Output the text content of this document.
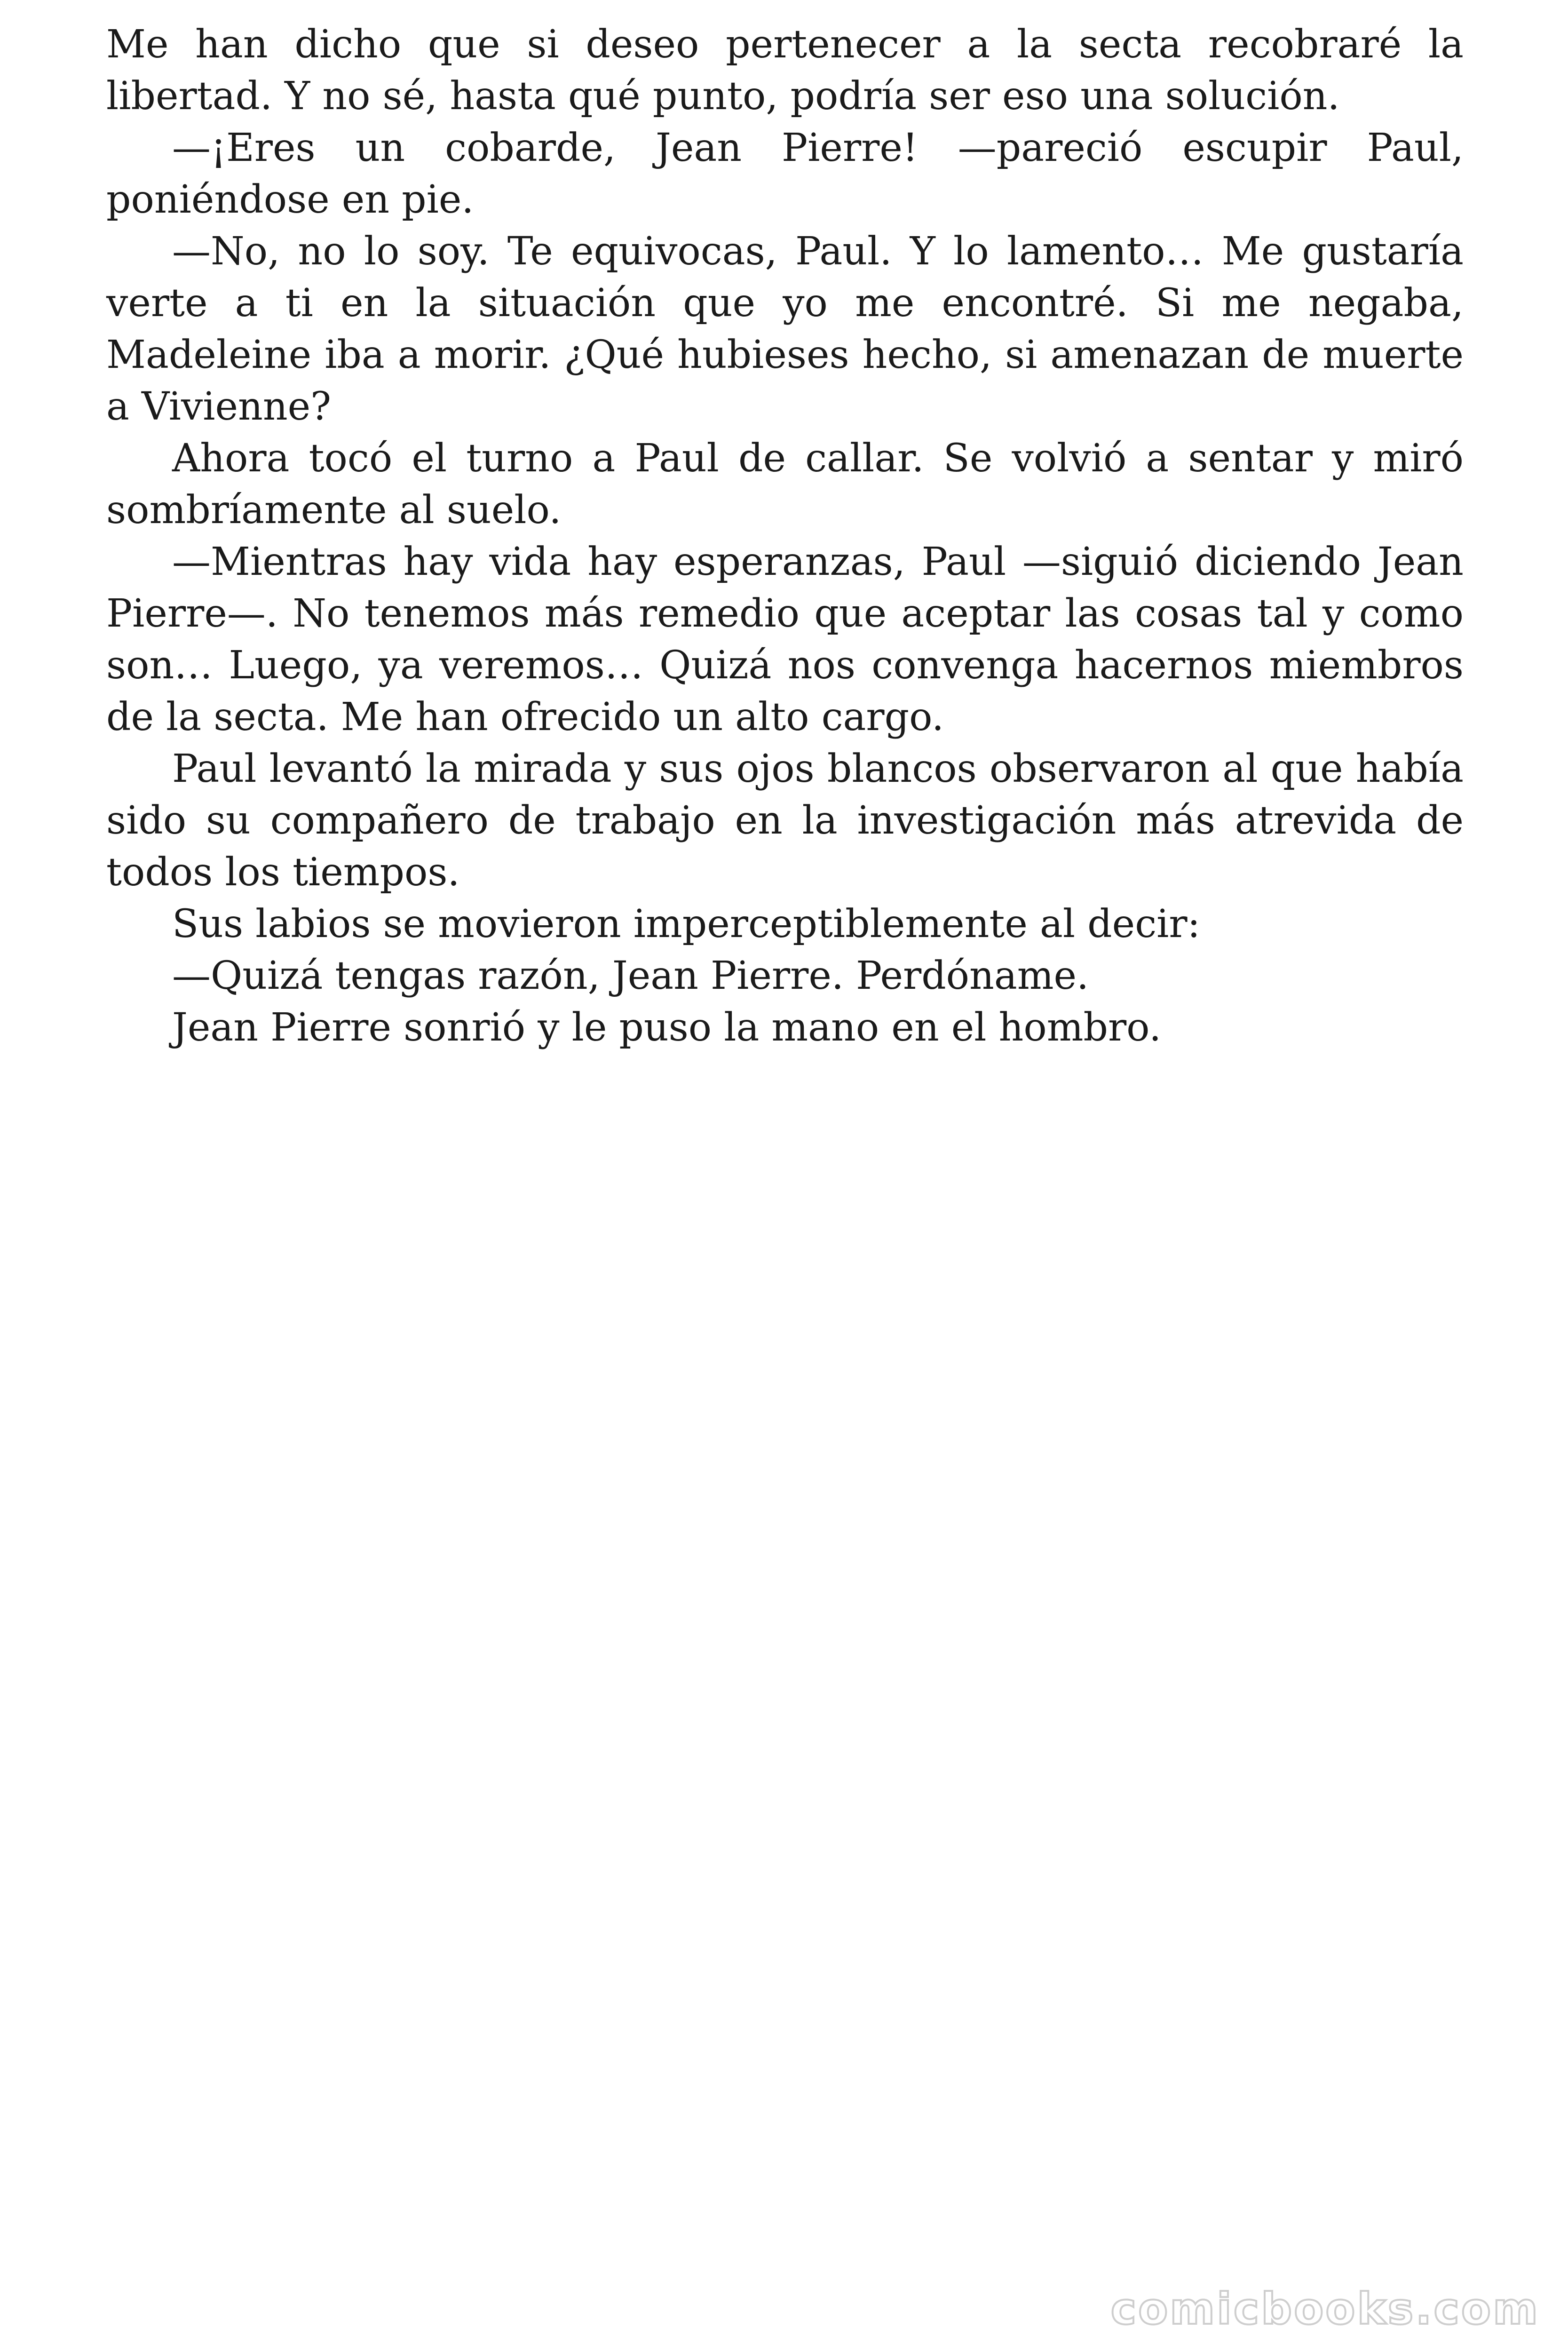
Me han dicho que si deseo pertenecer a la secta recobraré la libertad. Y no sé, hasta qué punto, podría ser eso una solución.

—¡Eres un cobarde, Jean Pierre! —pareció escupir Paul, poniéndose en pie.

—No, no lo soy. Te equivocas, Paul. Y lo lamento… Me gustaría verte a ti en la situación que yo me encontré. Si me negaba, Madeleine iba a morir. ¿Qué hubieses hecho, si amenazan de muerte a Vivienne?

Ahora tocó el turno a Paul de callar. Se volvió a sentar y miró sombríamente al suelo.

—Mientras hay vida hay esperanzas, Paul —siguió diciendo Jean Pierre—. No tenemos más remedio que aceptar las cosas tal y como son… Luego, ya veremos… Quizá nos convenga hacernos miembros de la secta. Me han ofrecido un alto cargo.

Paul levantó la mirada y sus ojos blancos observaron al que había sido su compañero de trabajo en la investigación más atrevida de todos los tiempos.

Sus labios se movieron imperceptiblemente al decir:

—Quizá tengas razón, Jean Pierre. Perdóname.

Jean Pierre sonrió y le puso la mano en el hombro.

comicbooks.com
